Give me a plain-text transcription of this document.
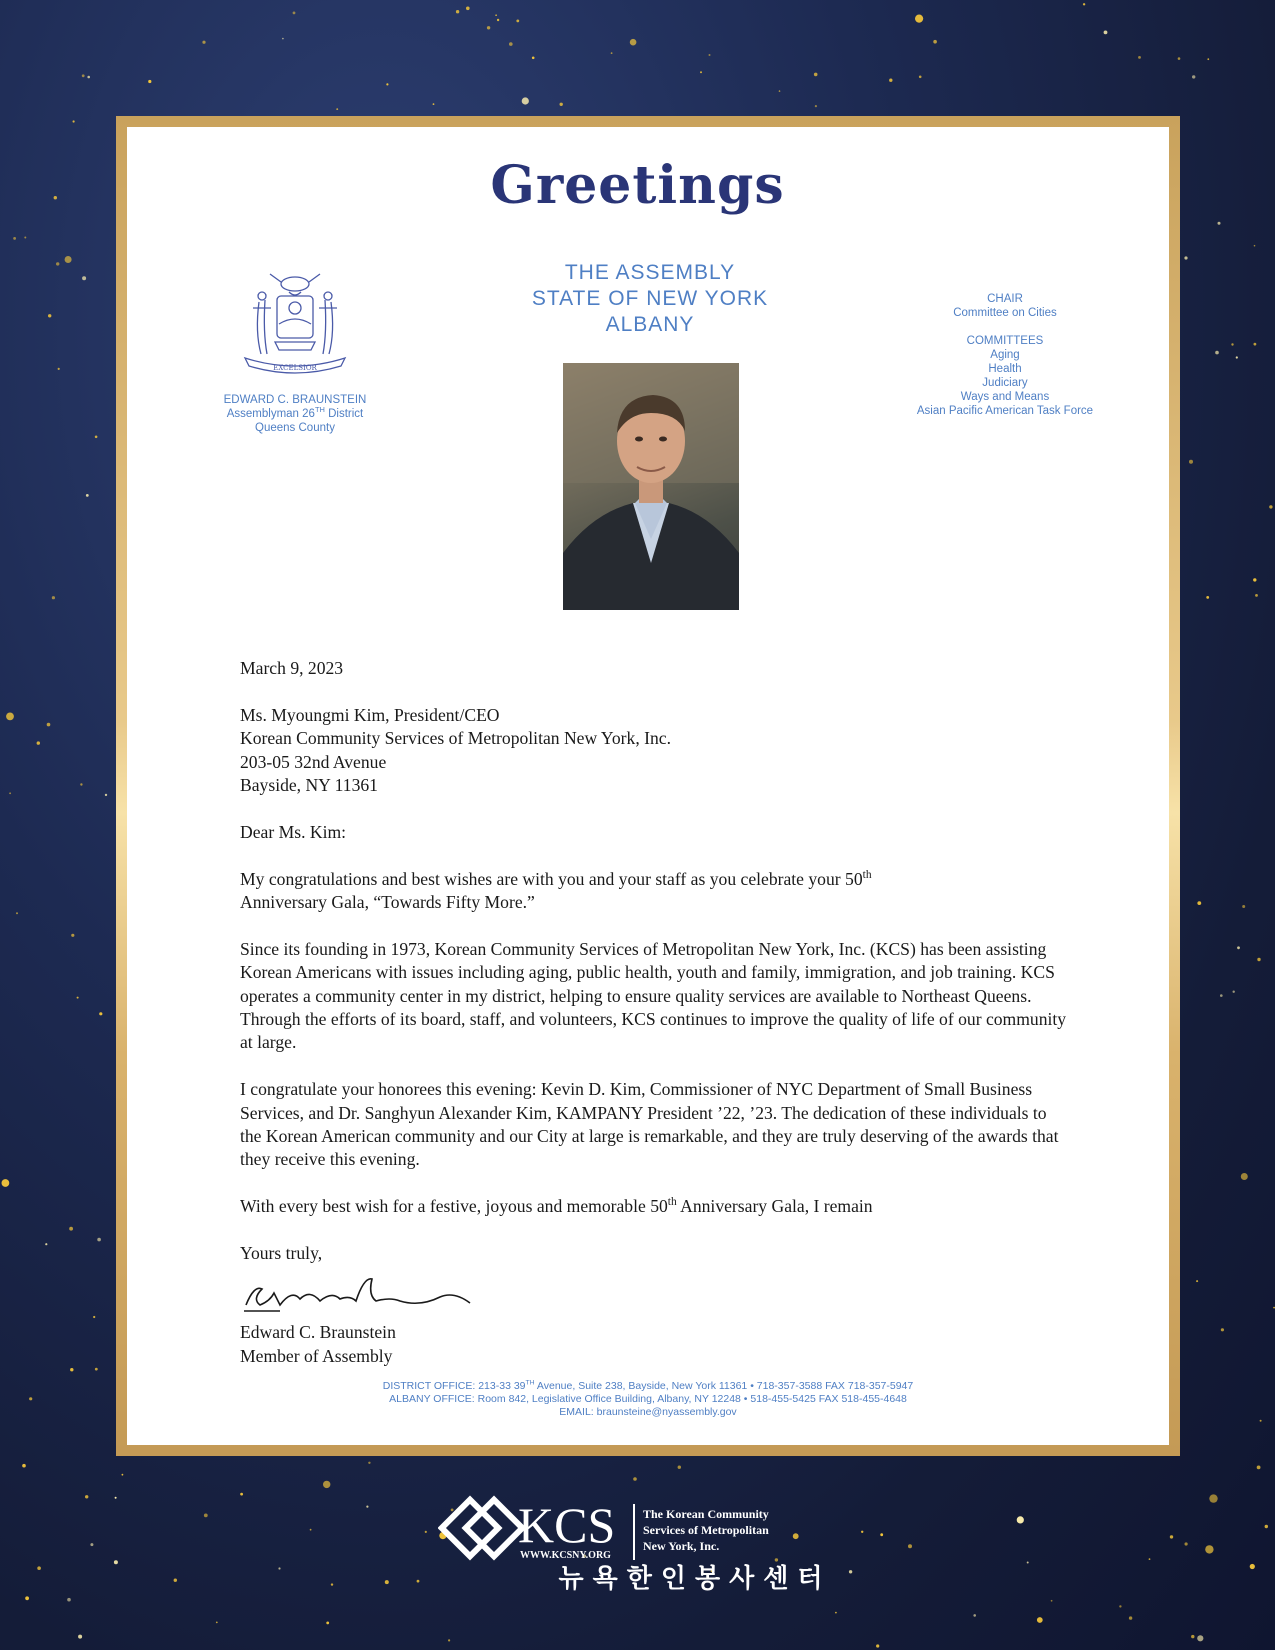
Greetings
EXCELSIOR
THE ASSEMBLY
STATE OF NEW YORK
ALBANY
EDWARD C. BRAUNSTEIN
Assemblyman 26TH District
Queens County
CHAIR
Committee on Cities
COMMITTEES
Aging
Health
Judiciary
Ways and Means
Asian Pacific American Task Force

March 9, 2023

Ms. Myoungmi Kim, President/CEO
Korean Community Services of Metropolitan New York, Inc.
203-05 32nd Avenue
Bayside, NY 11361

Dear Ms. Kim:

My congratulations and best wishes are with you and your staff as you celebrate your 50th
Anniversary Gala, “Towards Fifty More.”

Since its founding in 1973, Korean Community Services of Metropolitan New York, Inc. (KCS) has been assisting Korean Americans with issues including aging, public health, youth and family, immigration, and job training. KCS operates a community center in my district, helping to ensure quality services are available to Northeast Queens. Through the efforts of its board, staff, and volunteers, KCS continues to improve the quality of life of our community at large.

I congratulate your honorees this evening: Kevin D. Kim, Commissioner of NYC Department of Small Business Services, and Dr. Sanghyun Alexander Kim, KAMPANY President ’22, ’23. The dedication of these individuals to the Korean American community and our City at large is remarkable, and they are truly deserving of the awards that they receive this evening.

With every best wish for a festive, joyous and memorable 50th Anniversary Gala, I remain

Yours truly,
Edward C. Braunstein
Member of Assembly
DISTRICT OFFICE: 213-33 39TH Avenue, Suite 238, Bayside, New York 11361 • 718-357-3588 FAX 718-357-5947
ALBANY OFFICE: Room 842, Legislative Office Building, Albany, NY 12248 • 518-455-5425 FAX 518-455-4648
EMAIL: braunsteine@nyassembly.gov
KCS
WWW.KCSNY.ORG
The Korean Community
Services of Metropolitan
New York, Inc.
뉴욕한인봉사센터
